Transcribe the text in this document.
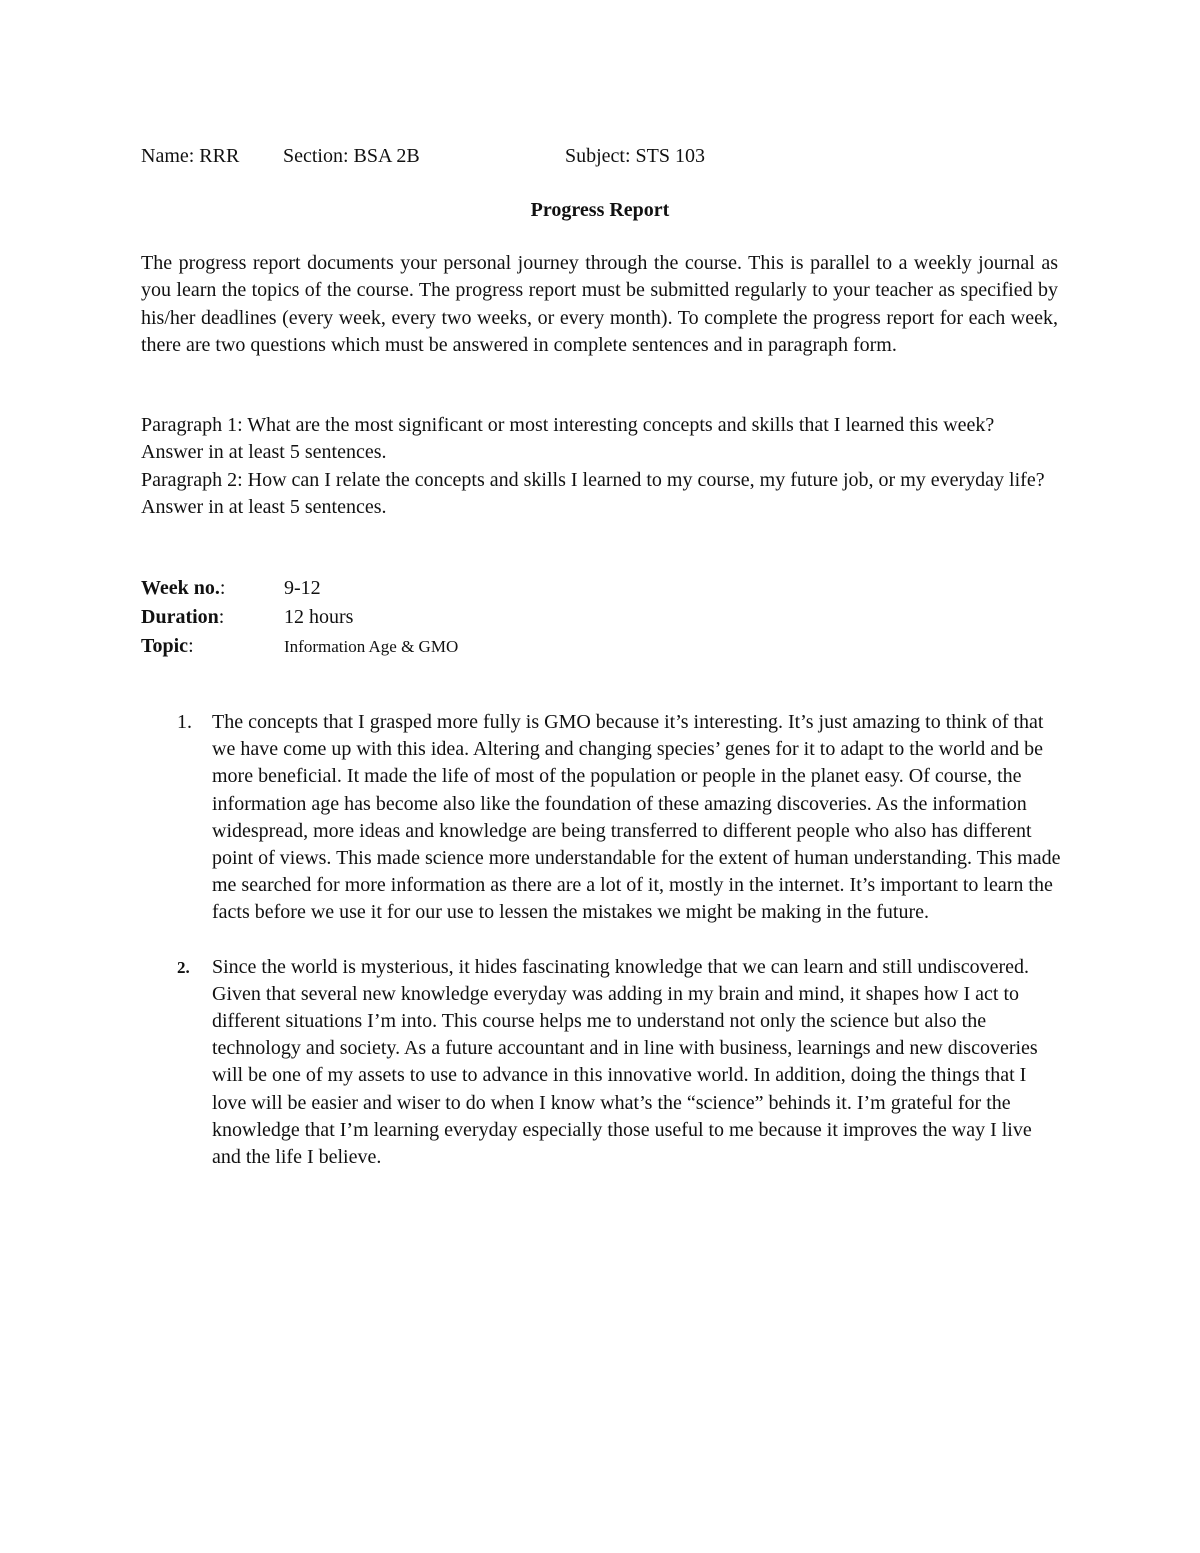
Name: RRR Section: BSA 2B	Subject: STS 103
Progress Report

The progress report documents your personal journey through the course. This is parallel to a weekly journal as you learn the topics of the course. The progress report must be submitted regularly to your teacher as specified by his/her deadlines (every week, every two weeks, or every month). To complete the progress report for each week, there are two questions which must be answered in complete sentences and in paragraph form.

Paragraph 1: What are the most significant or most interesting concepts and skills that I learned this week? Answer in at least 5 sentences.

Paragraph 2: How can I relate the concepts and skills I learned to my course, my future job, or my everyday life? Answer in at least 5 sentences.

Week no.:	9-12
Duration:	12 hours
Topic:	Information Age & GMO
1. The concepts that I grasped more fully is GMO because it’s interesting. It’s just amazing to think of that we have come up with this idea. Altering and changing species’ genes for it to adapt to the world and be more beneficial. It made the life of most of the population or people in the planet easy. Of course, the information age has become also like the foundation of these amazing discoveries. As the information widespread, more ideas and knowledge are being transferred to different people who also has different point of views. This made science more understandable for the extent of human understanding. This made me searched for more information as there are a lot of it, mostly in the internet. It’s important to learn the facts before we use it for our use to lessen the mistakes we might be making in the future.

2. Since the world is mysterious, it hides fascinating knowledge that we can learn and still undiscovered. Given that several new knowledge everyday was adding in my brain and mind, it shapes how I act to different situations I’m into. This course helps me to understand not only the science but also the technology and society. As a future accountant and in line with business, learnings and new discoveries will be one of my assets to use to advance in this innovative world. In addition, doing the things that I love will be easier and wiser to do when I know what’s the “science” behinds it. I’m grateful for the knowledge that I’m learning everyday especially those useful to me because it improves the way I live and the life I believe.
